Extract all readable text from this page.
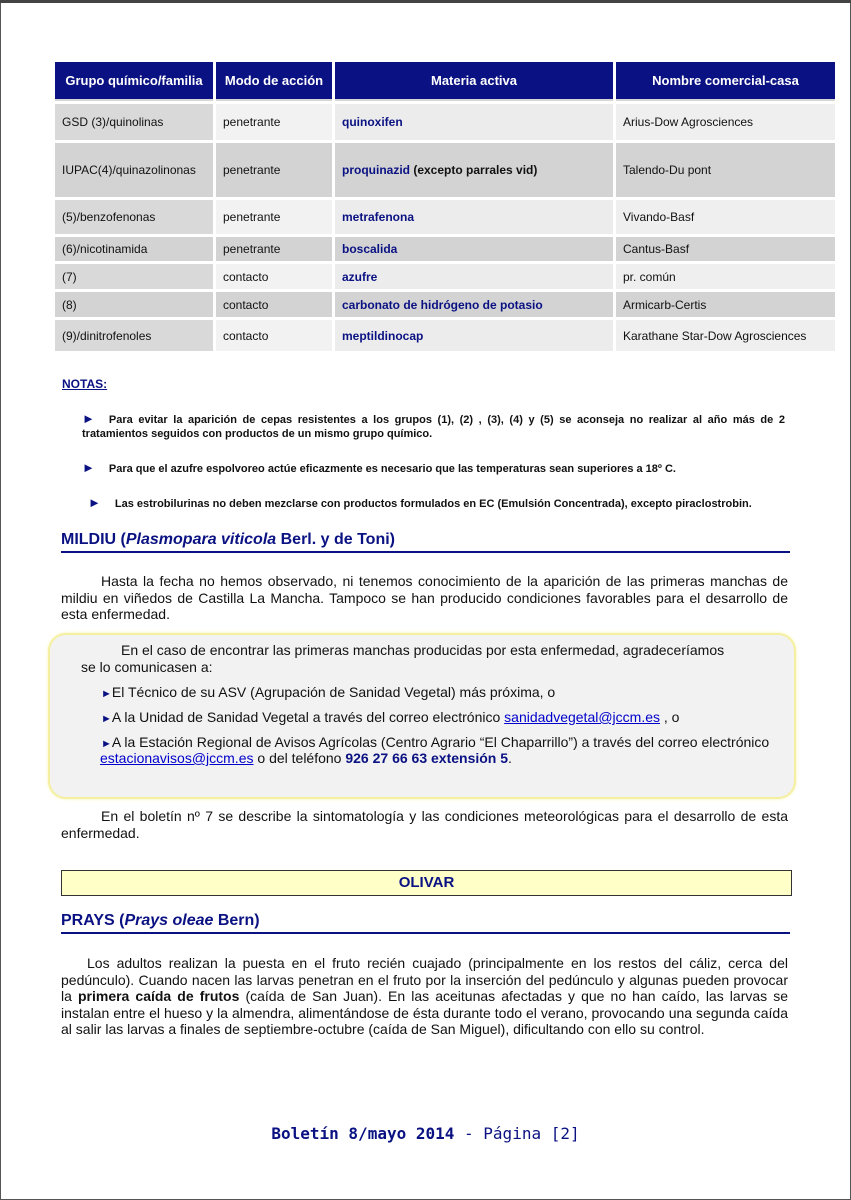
Grupo químico/familia	Modo de acción	Materia activa	Nombre comercial-casa
GSD (3)/quinolinas	penetrante	quinoxifen	Arius-Dow Agrosciences
IUPAC(4)/quinazolinonas	penetrante	proquinazid (excepto parrales vid)	Talendo-Du pont
(5)/benzofenonas	penetrante	metrafenona	Vivando-Basf
(6)/nicotinamida	penetrante	boscalida	Cantus-Basf
(7)	contacto	azufre	pr. común
(8)	contacto	carbonato de hidrógeno de potasio	Armicarb-Certis
(9)/dinitrofenoles	contacto	meptildinocap	Karathane Star-Dow Agrosciences
NOTAS:
► Para evitar la aparición de cepas resistentes a los grupos (1), (2) , (3), (4) y (5) se aconseja no realizar al año más de 2 tratamientos seguidos con productos de un mismo grupo químico.
► Para que el azufre espolvoreo actúe eficazmente es necesario que las temperaturas sean superiores a 18º C.
► Las estrobilurinas no deben mezclarse con productos formulados en EC (Emulsión Concentrada), excepto piraclostrobin.
MILDIU (Plasmopara viticola Berl. y de Toni)
Hasta la fecha no hemos observado, ni tenemos conocimiento de la aparición de las primeras manchas de mildiu en viñedos de Castilla La Mancha. Tampoco se han producido condiciones favorables para el desarrollo de esta enfermedad.
En el caso de encontrar las primeras manchas producidas por esta enfermedad, agradeceríamos
se lo comunicasen a:
►El Técnico de su ASV (Agrupación de Sanidad Vegetal) más próxima, o
►A la Unidad de Sanidad Vegetal a través del correo electrónico sanidadvegetal@jccm.es , o
►A la Estación Regional de Avisos Agrícolas (Centro Agrario “El Chaparrillo”) a través del correo electrónico
estacionavisos@jccm.es o del teléfono 926 27 66 63 extensión 5.
En el boletín nº 7 se describe la sintomatología y las condiciones meteorológicas para el desarrollo de esta enfermedad.
OLIVAR
PRAYS (Prays oleae Bern)
Los adultos realizan la puesta en el fruto recién cuajado (principalmente en los restos del cáliz, cerca del pedúnculo). Cuando nacen las larvas penetran en el fruto por la inserción del pedúnculo y algunas pueden provocar la primera caída de frutos (caída de San Juan). En las aceitunas afectadas y que no han caído, las larvas se instalan entre el hueso y la almendra, alimentándose de ésta durante todo el verano, provocando una segunda caída al salir las larvas a finales de septiembre-octubre (caída de San Miguel), dificultando con ello su control.
Boletín 8/mayo 2014 - Página [2]
